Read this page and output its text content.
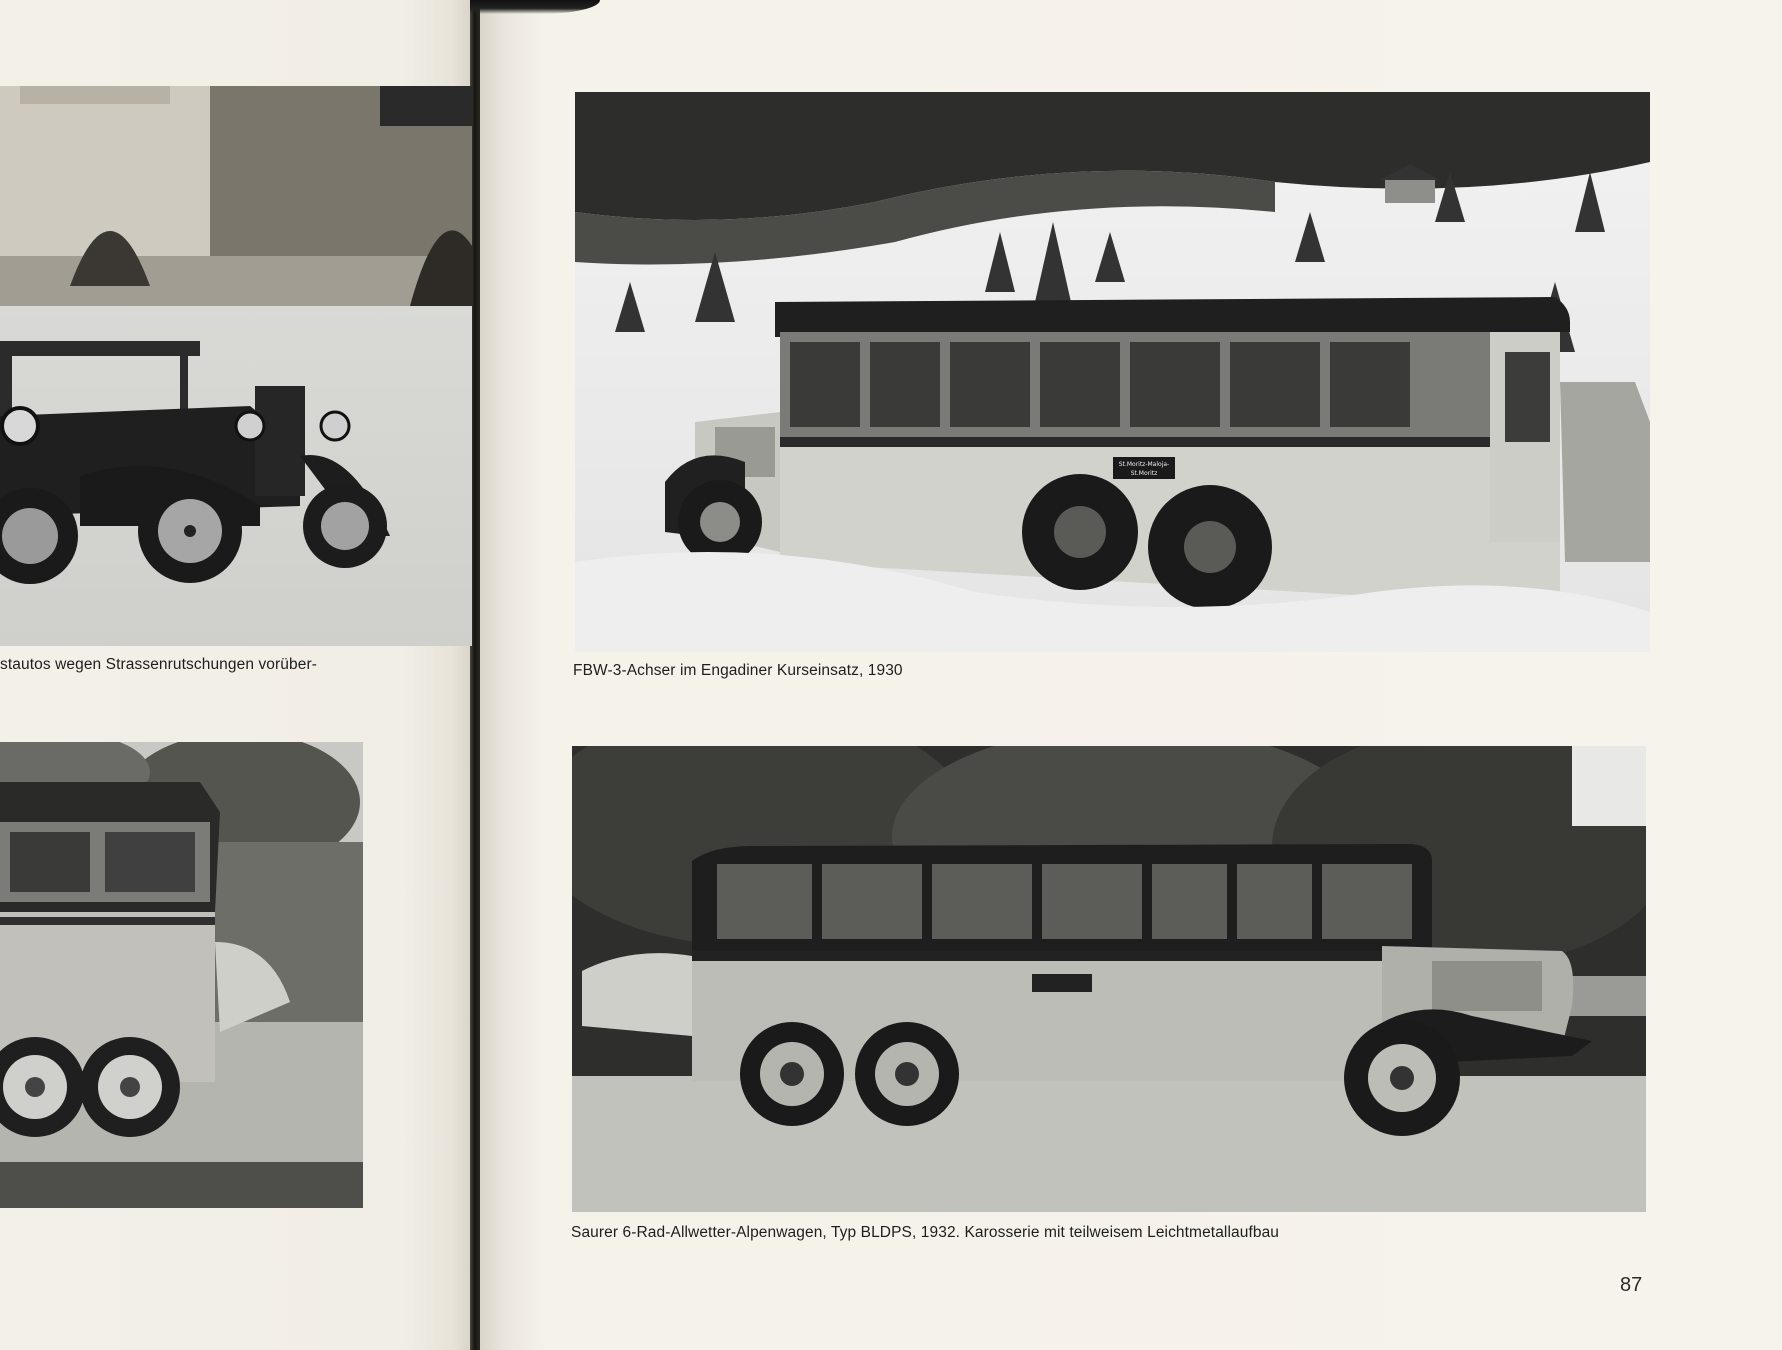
stautos wegen Strassenrutschungen vorüber-

St.Moritz-Maloja-
St.Moritz

FBW-3-Achser im Engadiner Kurseinsatz, 1930

Saurer 6-Rad-Allwetter-Alpenwagen, Typ BLDPS, 1932. Karosserie mit teilweisem Leichtmetallaufbau

87
